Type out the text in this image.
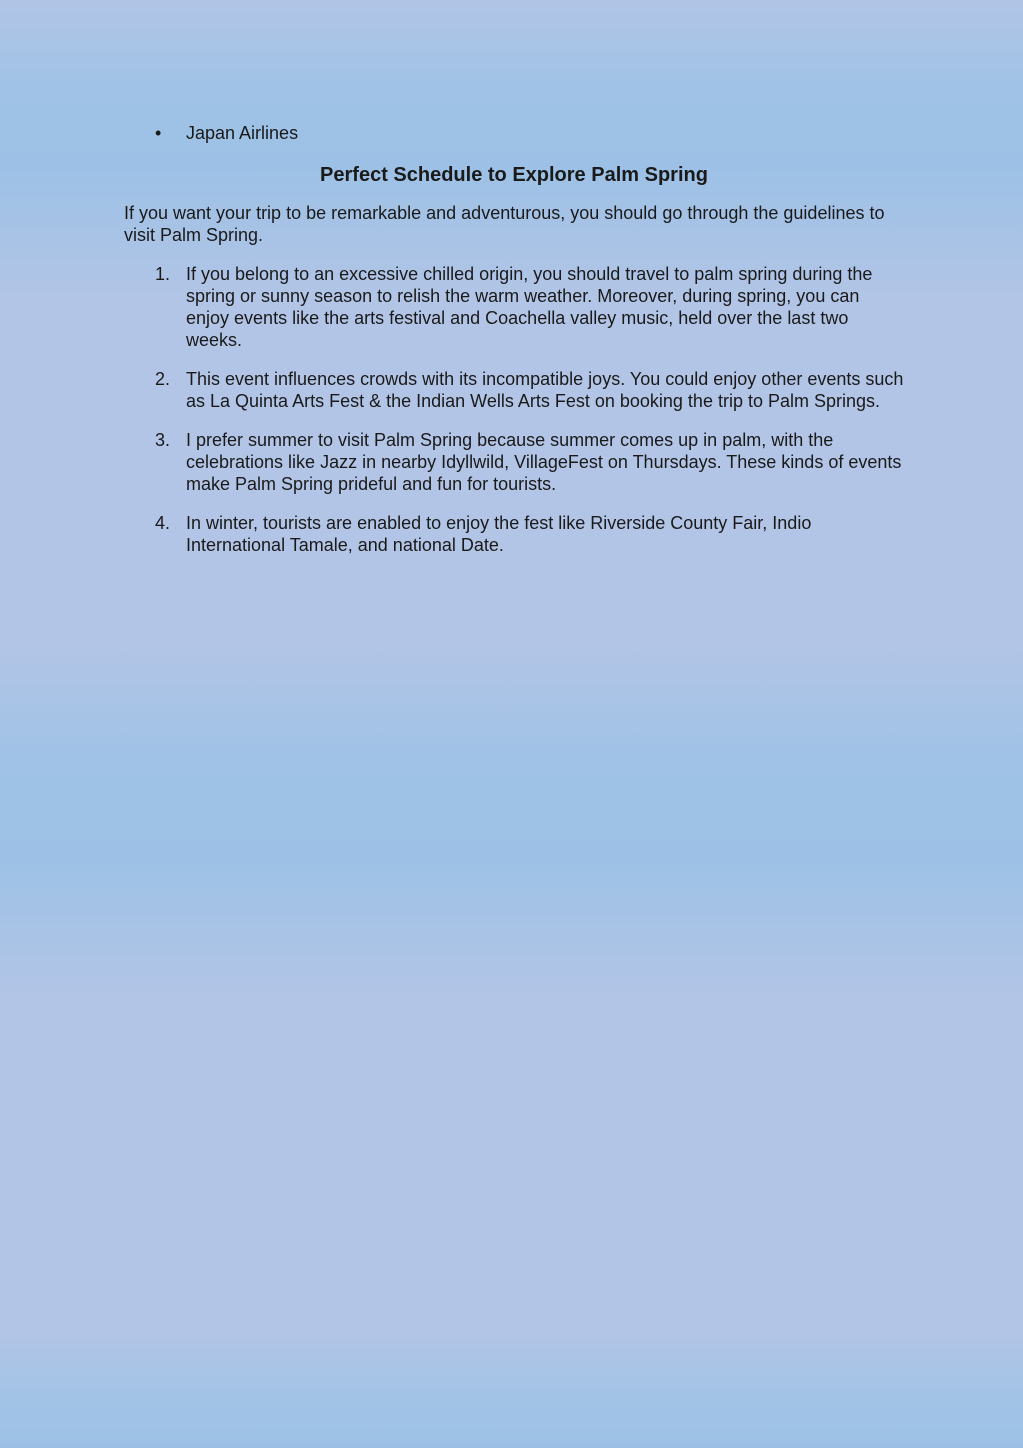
• Japan Airlines
Perfect Schedule to Explore Palm Spring

If you want your trip to be remarkable and adventurous, you should go through the guidelines to visit Palm Spring.

1. If you belong to an excessive chilled origin, you should travel to palm spring during the spring or sunny season to relish the warm weather. Moreover, during spring, you can enjoy events like the arts festival and Coachella valley music, held over the last two weeks.
2. This event influences crowds with its incompatible joys. You could enjoy other events such as La Quinta Arts Fest & the Indian Wells Arts Fest on booking the trip to Palm Springs.
3. I prefer summer to visit Palm Spring because summer comes up in palm, with the celebrations like Jazz in nearby Idyllwild, VillageFest on Thursdays. These kinds of events make Palm Spring prideful and fun for tourists.
4. In winter, tourists are enabled to enjoy the fest like Riverside County Fair, Indio International Tamale, and national Date.
